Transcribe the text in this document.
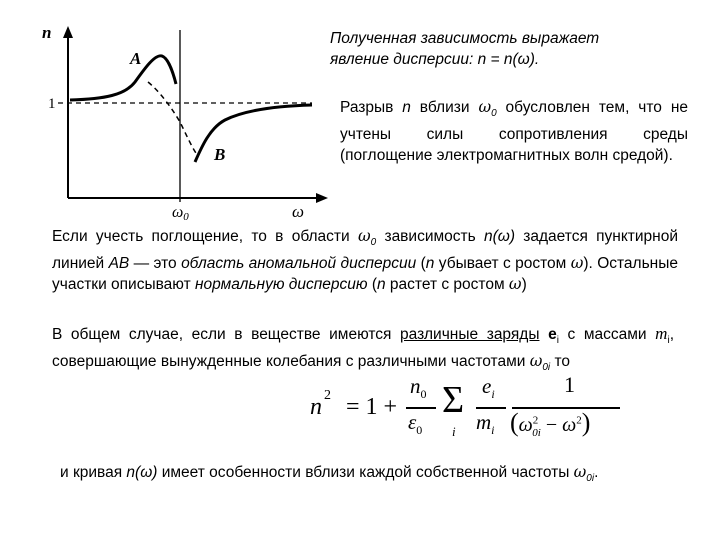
n
1
A
B
ω0	ω
Полученная зависимость выражает
явление дисперсии: n = n(ω).
Разрыв n вблизи $\omega_0$ обусловлен тем, что не учтены силы сопротивления среды (поглощение электромагнитных волн средой).
Если учесть поглощение, то в области $\omega_0$ зависимость n(ω) задается пунктирной линией АВ — это область аномальной дисперсии (n убывает с ростом ω). Остальные участки описывают нормальную дисперсию (n растет с ростом ω)
В общем случае, если в веществе имеются различные заряды $e_i$ с массами $m_i$, совершающие вынужденные колебания с различными частотами $\omega_{0i}$ то
n 2 = 1 +
$n_0$
$\varepsilon_0$
Σ
i
$e_i$
$m_i$
1
$(\omega^2_{0i} - \omega^2)$
и кривая n(ω) имеет особенности вблизи каждой собственной частоты $\omega_{0i}$.
